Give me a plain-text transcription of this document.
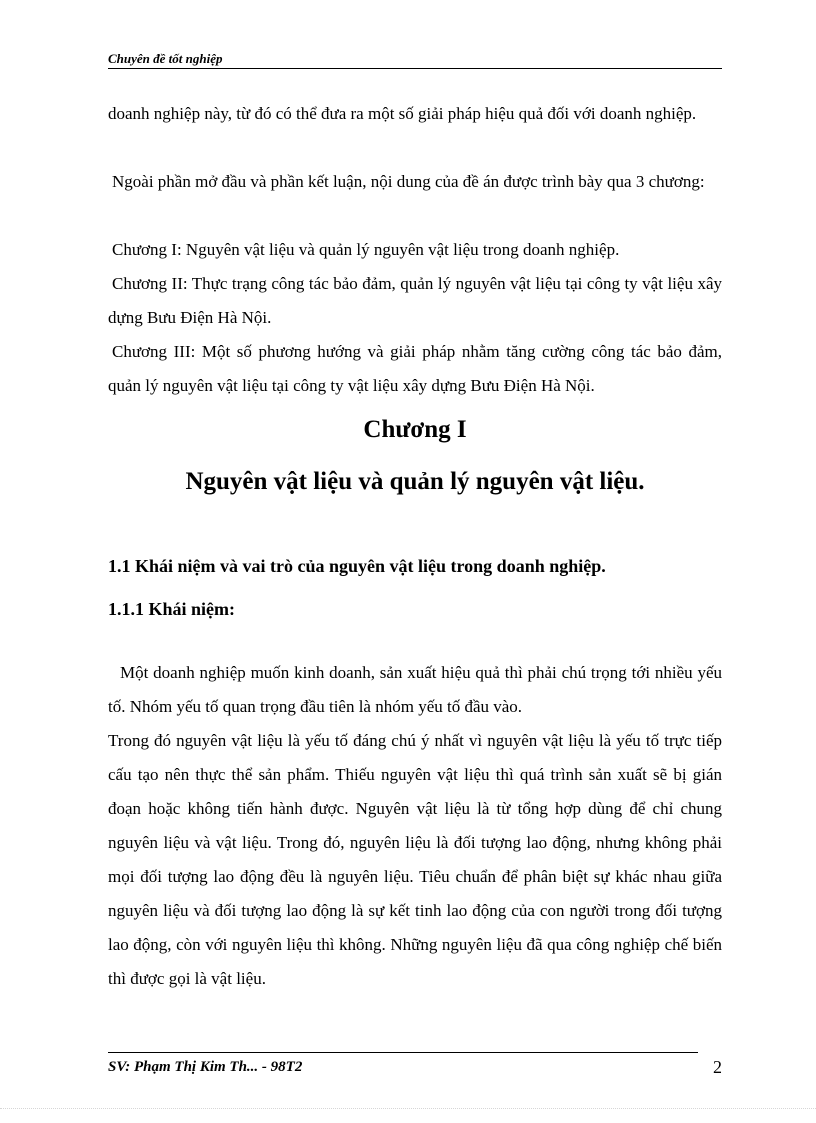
Chuyên đề tốt nghiệp

doanh nghiệp này, từ đó có thể đưa ra một số giải pháp hiệu quả đối với doanh nghiệp.

Ngoài phần mở đầu và phần kết luận, nội dung của đề án được trình bày qua 3 chương:

Chương I: Nguyên vật liệu và quản lý nguyên vật liệu trong doanh nghiệp.

Chương II: Thực trạng công tác bảo đảm, quản lý nguyên vật liệu tại công ty vật liệu xây dựng Bưu Điện Hà Nội.

Chương III: Một số phương hướng và giải pháp nhằm tăng cường công tác bảo đảm, quản lý nguyên vật liệu tại công ty vật liệu xây dựng Bưu Điện Hà Nội.

Chương I
Nguyên vật liệu và quản lý nguyên vật liệu.
1.1 Khái niệm và vai trò của nguyên vật liệu trong doanh nghiệp.
1.1.1 Khái niệm:

Một doanh nghiệp muốn kinh doanh, sản xuất hiệu quả thì phải chú trọng tới nhiều yếu tố. Nhóm yếu tố quan trọng đầu tiên là nhóm yếu tố đầu vào.

Trong đó nguyên vật liệu là yếu tố đáng chú ý nhất vì nguyên vật liệu là yếu tố trực tiếp cấu tạo nên thực thể sản phẩm. Thiếu nguyên vật liệu thì quá trình sản xuất sẽ bị gián đoạn hoặc không tiến hành được. Nguyên vật liệu là từ tổng hợp dùng để chỉ chung nguyên liệu và vật liệu. Trong đó, nguyên liệu là đối tượng lao động, nhưng không phải mọi đối tượng lao động đều là nguyên liệu. Tiêu chuẩn để phân biệt sự khác nhau giữa nguyên liệu và đối tượng lao động là sự kết tinh lao động của con người trong đối tượng lao động, còn với nguyên liệu thì không. Những nguyên liệu đã qua công nghiệp chế biến thì được gọi là vật liệu.

SV: Phạm Thị Kim Th... - 98T2	2
